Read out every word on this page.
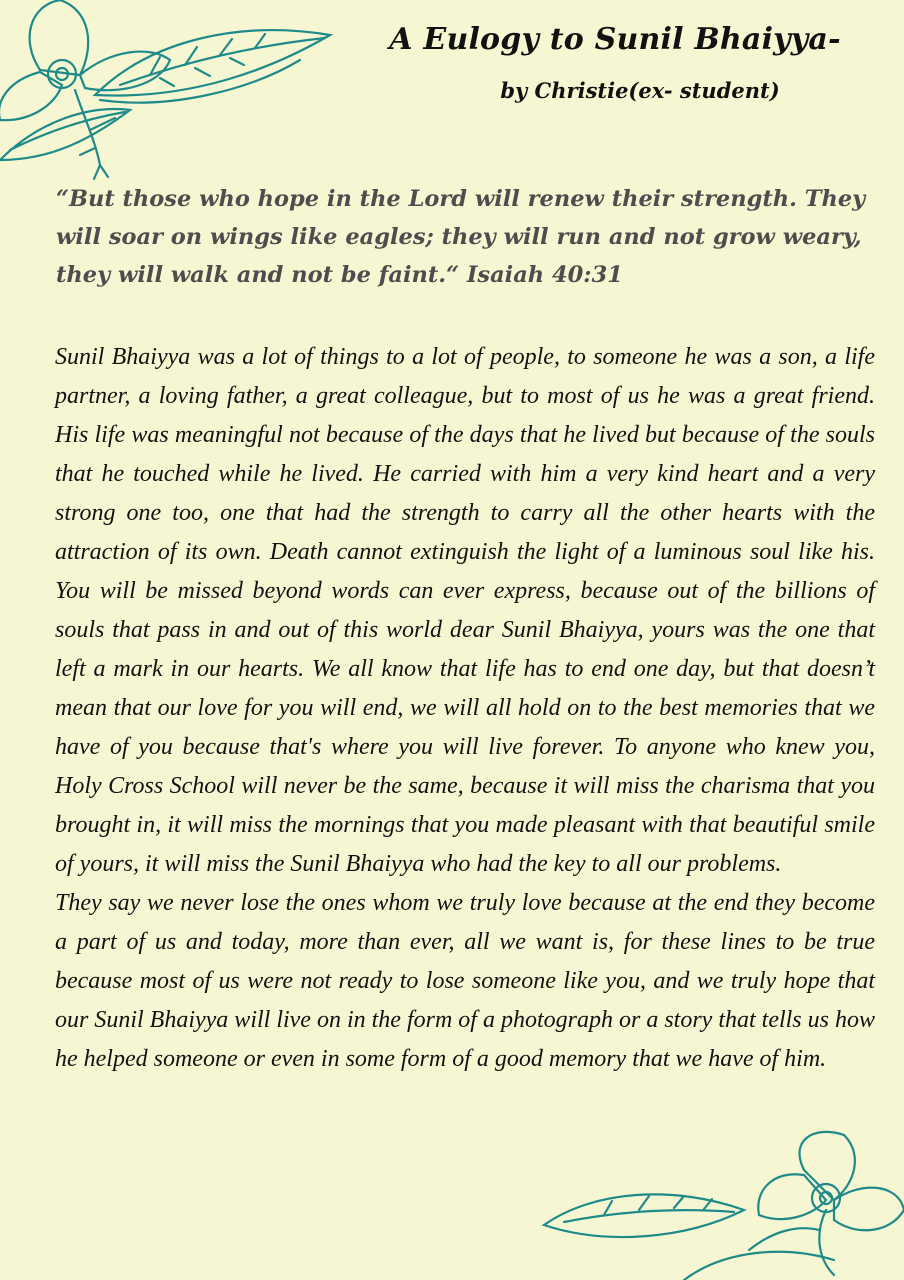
A Eulogy to Sunil Bhaiyya-
by Christie(ex- student)
“But those who hope in the Lord will renew their strength. They will soar on wings like eagles; they will run and not grow weary, they will walk and not be faint.“ Isaiah 40:31

Sunil Bhaiyya was a lot of things to a lot of people, to someone he was a son, a life partner, a loving father, a great colleague, but to most of us he was a great friend. His life was meaningful not because of the days that he lived but because of the souls that he touched while he lived. He carried with him a very kind heart and a very strong one too, one that had the strength to carry all the other hearts with the attraction of its own. Death cannot extinguish the light of a luminous soul like his. You will be missed beyond words can ever express, because out of the billions of souls that pass in and out of this world dear Sunil Bhaiyya, yours was the one that left a mark in our hearts. We all know that life has to end one day, but that doesn’t mean that our love for you will end, we will all hold on to the best memories that we have of you because that's where you will live forever. To anyone who knew you, Holy Cross School will never be the same, because it will miss the charisma that you brought in, it will miss the mornings that you made pleasant with that beautiful smile of yours, it will miss the Sunil Bhaiyya who had the key to all our problems.

They say we never lose the ones whom we truly love because at the end they become a part of us and today, more than ever, all we want is, for these lines to be true because most of us were not ready to lose someone like you, and we truly hope that our Sunil Bhaiyya will live on in the form of a photograph or a story that tells us how he helped someone or even in some form of a good memory that we have of him.
